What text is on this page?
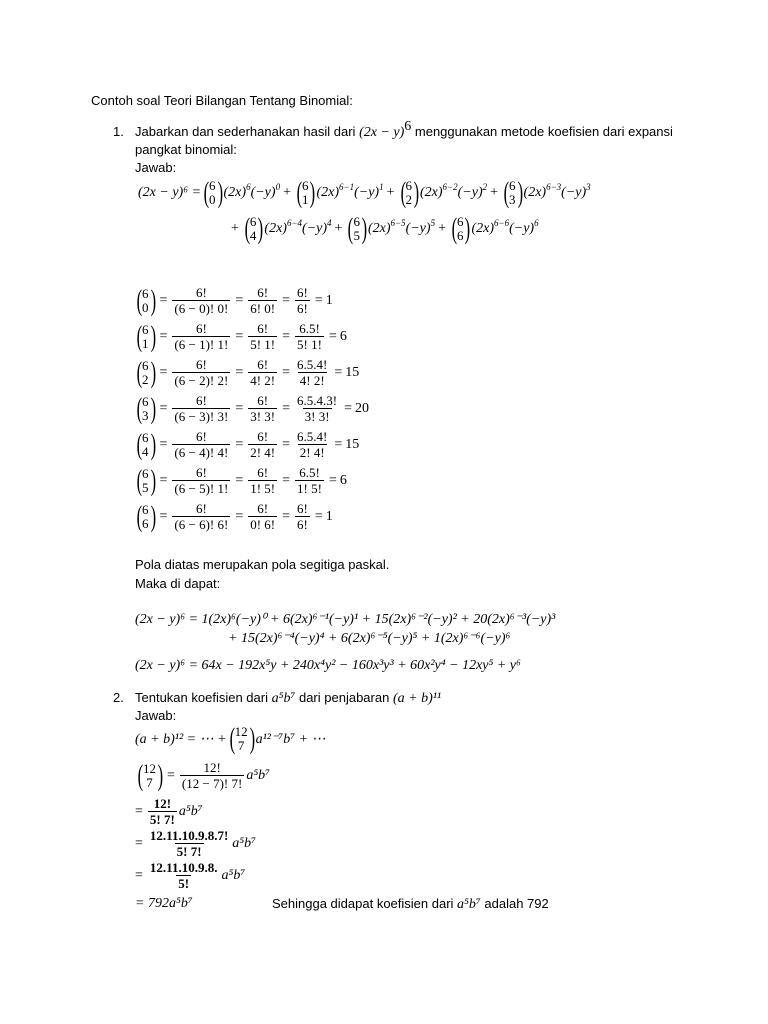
Contoh soal Teori Bilangan Tentang Binomial:
1. Jabarkan dan sederhanakan hasil dari $(2x - y)^6$ menggunakan metode koefisien dari expansi
pangkat binomial:
Jawab:
(2x − y)⁶ = ( 6
0 ) $(2x)^6(-y)^0$ + ( 6
1 ) $(2x)^{6-1}(-y)^1$ + ( 6
2 ) $(2x)^{6-2}(-y)^2$ + ( 6
3 ) $(2x)^{6-3}(-y)^3$
+ ( 6
4 ) $(2x)^{6-4}(-y)^4$ + ( 6
5 ) $(2x)^{6-5}(-y)^5$ + ( 6
6 ) $(2x)^{6-6}(-y)^6$
( 6
0 ) = $\frac{6!}{(6 - 0)! 0!} = \frac{6!}{6! 0!} = \frac{6!}{6!} = 1$
( 6
1 ) = $\frac{6!}{(6 - 1)! 1!} = \frac{6!}{5! 1!} = \frac{6.5!}{5! 1!} = 6$
( 6
2 ) = $\frac{6!}{(6 - 2)! 2!} = \frac{6!}{4! 2!} = \frac{6.5.4!}{4! 2!} = 15$
( 6
3 ) = $\frac{6!}{(6 - 3)! 3!} = \frac{6!}{3! 3!} = \frac{6.5.4.3!}{3! 3!} = 20$
( 6
4 ) = $\frac{6!}{(6 - 4)! 4!} = \frac{6!}{2! 4!} = \frac{6.5.4!}{2! 4!} = 15$
( 6
5 ) = $\frac{6!}{(6 - 5)! 1!} = \frac{6!}{1! 5!} = \frac{6.5!}{1! 5!} = 6$
( 6
6 ) = $\frac{6!}{(6 - 6)! 6!} = \frac{6!}{0! 6!} = \frac{6!}{6!} = 1$
Pola diatas merupakan pola segitiga paskal.
Maka di dapat:
(2x − y)⁶ = 1(2x)⁶(−y)⁰ + 6(2x)⁶⁻¹(−y)¹ + 15(2x)⁶⁻²(−y)² + 20(2x)⁶⁻³(−y)³
+ 15(2x)⁶⁻⁴(−y)⁴ + 6(2x)⁶⁻⁵(−y)⁵ + 1(2x)⁶⁻⁶(−y)⁶
(2x − y)⁶ = 64x − 192x⁵y + 240x⁴y² − 160x³y³ + 60x²y⁴ − 12xy⁵ + y⁶
2. Tentukan koefisien dari a⁵b⁷ dari penjabaran (a + b)¹¹
Jawab:
(a + b)¹² = ⋯ + ( 12
7 ) a¹²⁻⁷b⁷ + ⋯
( 12
7 ) = $\frac{12!}{(12 - 7)! 7!} a^5b^7$
= $\frac{12!}{5! 7!} a^5b^7$
= $\frac{12.11.10.9.8.7!}{5! 7!} a^5b^7$
= $\frac{12.11.10.9.8.}{5!} a^5b^7$
= 792a⁵b⁷	Sehingga didapat koefisien dari a⁵b⁷ adalah 792
